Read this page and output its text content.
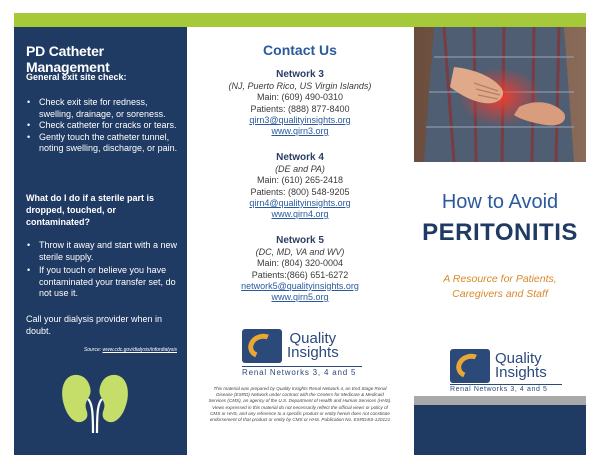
PD Catheter Management
General exit site check:
• Check exit site for redness, swelling, drainage, or soreness.
• Check catheter for cracks or tears.
• Gently touch the catheter tunnel, noting swelling, discharge, or pain.
What do I do if a sterile part is dropped, touched, or contaminated?
• Throw it away and start with a new sterile supply.
• If you touch or believe you have contaminated your transfer set, do not use it.
Call your dialysis provider when in doubt.
Source: www.cdc.gov/dialysis/infordialysis
Contact Us
Network 3
(NJ, Puerto Rico, US Virgin Islands)
Main: (609) 490-0310
Patients: (888) 877-8400
qirn3@qualityinsights.org
www.qirn3.org
Network 4
(DE and PA)
Main: (610) 265-2418
Patients: (800) 548-9205
qirn4@qualityinsights.org
www.qirn4.org
Network 5
(DC, MD, VA and WV)
Main: (804) 320-0004
Patients:(866) 651-6272
network5@qualityinsights.org
www.qirn5.org
Quality
Insights
Renal Networks 3, 4 and 5
This material was prepared by Quality Insights Renal Network 4, an End Stage Renal Disease (ESRD) Network under contract with the Centers for Medicare & Medicaid Services (CMS), an agency of the U.S. Department of Health and Human Services (HHS). Views expressed in this material do not necessarily reflect the official views or policy of CMS or HHS, and any reference to a specific product or entity herein does not constitute endorsement of that product or entity by CMS or HHS. Publication No. ESRD4IS-120121
How to Avoid
PERITONITIS
A Resource for Patients,
Caregivers and Staff
Quality
Insights
Renal Networks 3, 4 and 5
